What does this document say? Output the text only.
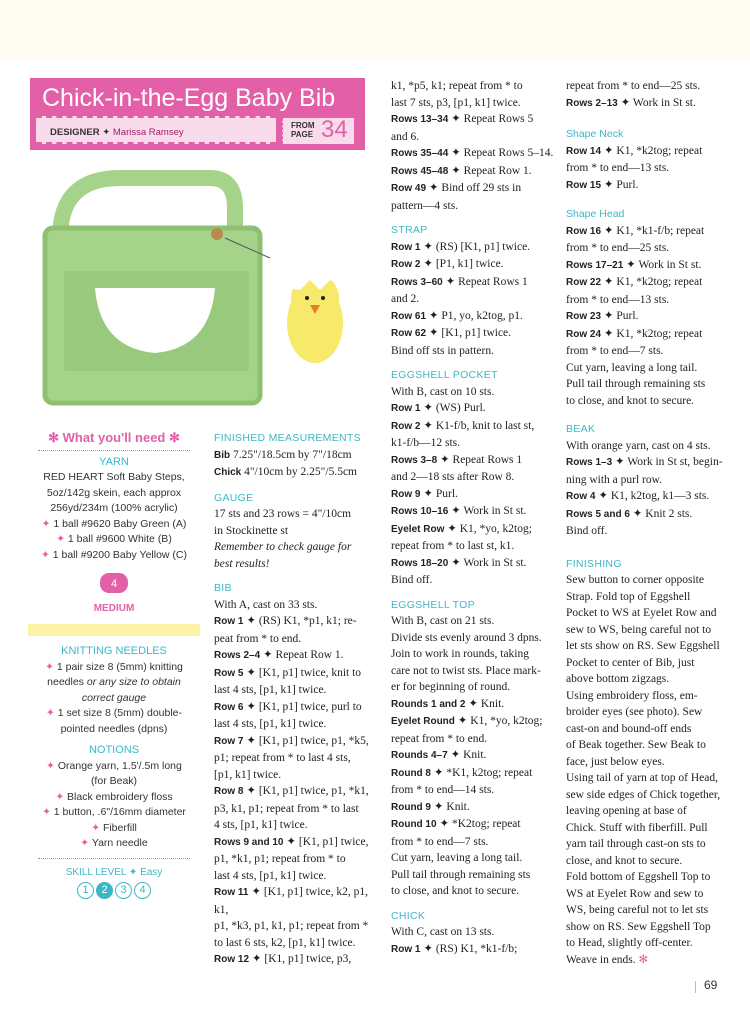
Chick-in-the-Egg Baby Bib
DESIGNER ✦ Marissa Ramsey
FROM
PAGE 34
✻ What you'll need ✻
YARN
RED HEART Soft Baby Steps,
5oz/142g skein, each approx
256yd/234m (100% acrylic)
✦ 1 ball #9620 Baby Green (A)
✦ 1 ball #9600 White (B)
✦ 1 ball #9200 Baby Yellow (C)
4
MEDIUM
KNITTING NEEDLES
✦ 1 pair size 8 (5mm) knitting
needles or any size to obtain
correct gauge
✦ 1 set size 8 (5mm) double-
pointed needles (dpns)
NOTIONS
✦ Orange yarn, 1.5'/.5m long
(for Beak)
✦ Black embroidery floss
✦ 1 button, .6"/16mm diameter
✦ Fiberfill
✦ Yarn needle
SKILL LEVEL ✦ Easy
1	2	3	4

FINISHED MEASUREMENTS

Bib 7.25"/18.5cm by 7"/18cm

Chick 4"/10cm by 2.25"/5.5cm

GAUGE

17 sts and 23 rows = 4"/10cm

in Stockinette st

Remember to check gauge for

best results!

BIB

With A, cast on 33 sts.

Row 1 ✦ (RS) K1, *p1, k1; re-

peat from * to end.

Rows 2–4 ✦ Repeat Row 1.

Row 5 ✦ [K1, p1] twice, knit to

last 4 sts, [p1, k1] twice.

Row 6 ✦ [K1, p1] twice, purl to

last 4 sts, [p1, k1] twice.

Row 7 ✦ [K1, p1] twice, p1, *k5,

p1; repeat from * to last 4 sts,

[p1, k1] twice.

Row 8 ✦ [K1, p1] twice, p1, *k1,

p3, k1, p1; repeat from * to last

4 sts, [p1, k1] twice.

Rows 9 and 10 ✦ [K1, p1] twice,

p1, *k1, p1; repeat from * to

last 4 sts, [p1, k1] twice.

Row 11 ✦ [K1, p1] twice, k2, p1, k1,

p1, *k3, p1, k1, p1; repeat from *

to last 6 sts, k2, [p1, k1] twice.

Row 12 ✦ [K1, p1] twice, p3,

k1, *p5, k1; repeat from * to

last 7 sts, p3, [p1, k1] twice.

Rows 13–34 ✦ Repeat Rows 5

and 6.

Rows 35–44 ✦ Repeat Rows 5–14.

Rows 45–48 ✦ Repeat Row 1.

Row 49 ✦ Bind off 29 sts in

pattern—4 sts.

STRAP

Row 1 ✦ (RS) [K1, p1] twice.

Row 2 ✦ [P1, k1] twice.

Rows 3–60 ✦ Repeat Rows 1

and 2.

Row 61 ✦ P1, yo, k2tog, p1.

Row 62 ✦ [K1, p1] twice.

Bind off sts in pattern.

EGGSHELL POCKET

With B, cast on 10 sts.

Row 1 ✦ (WS) Purl.

Row 2 ✦ K1-f/b, knit to last st,

k1-f/b—12 sts.

Rows 3–8 ✦ Repeat Rows 1

and 2—18 sts after Row 8.

Row 9 ✦ Purl.

Rows 10–16 ✦ Work in St st.

Eyelet Row ✦ K1, *yo, k2tog;

repeat from * to last st, k1.

Rows 18–20 ✦ Work in St st.

Bind off.

EGGSHELL TOP

With B, cast on 21 sts.

Divide sts evenly around 3 dpns.

Join to work in rounds, taking

care not to twist sts. Place mark-

er for beginning of round.

Rounds 1 and 2 ✦ Knit.

Eyelet Round ✦ K1, *yo, k2tog;

repeat from * to end.

Rounds 4–7 ✦ Knit.

Round 8 ✦ *K1, k2tog; repeat

from * to end—14 sts.

Round 9 ✦ Knit.

Round 10 ✦ *K2tog; repeat

from * to end—7 sts.

Cut yarn, leaving a long tail.

Pull tail through remaining sts

to close, and knot to secure.

CHICK

With C, cast on 13 sts.

Row 1 ✦ (RS) K1, *k1-f/b;

repeat from * to end—25 sts.

Rows 2–13 ✦ Work in St st.

Shape Neck

Row 14 ✦ K1, *k2tog; repeat

from * to end—13 sts.

Row 15 ✦ Purl.

Shape Head

Row 16 ✦ K1, *k1-f/b; repeat

from * to end—25 sts.

Rows 17–21 ✦ Work in St st.

Row 22 ✦ K1, *k2tog; repeat

from * to end—13 sts.

Row 23 ✦ Purl.

Row 24 ✦ K1, *k2tog; repeat

from * to end—7 sts.

Cut yarn, leaving a long tail.

Pull tail through remaining sts

to close, and knot to secure.

BEAK

With orange yarn, cast on 4 sts.

Rows 1–3 ✦ Work in St st, begin-

ning with a purl row.

Row 4 ✦ K1, k2tog, k1—3 sts.

Rows 5 and 6 ✦ Knit 2 sts.

Bind off.

FINISHING

Sew button to corner opposite

Strap. Fold top of Eggshell

Pocket to WS at Eyelet Row and

sew to WS, being careful not to

let sts show on RS. Sew Eggshell

Pocket to center of Bib, just

above bottom zigzags.

Using embroidery floss, em-

broider eyes (see photo). Sew

cast-on and bound-off ends

of Beak together. Sew Beak to

face, just below eyes.

Using tail of yarn at top of Head,

sew side edges of Chick together,

leaving opening at base of

Chick. Stuff with fiberfill. Pull

yarn tail through cast-on sts to

close, and knot to secure.

Fold bottom of Eggshell Top to

WS at Eyelet Row and sew to

WS, being careful not to let sts

show on RS. Sew Eggshell Top

to Head, slightly off-center.

Weave in ends. ✻

69
